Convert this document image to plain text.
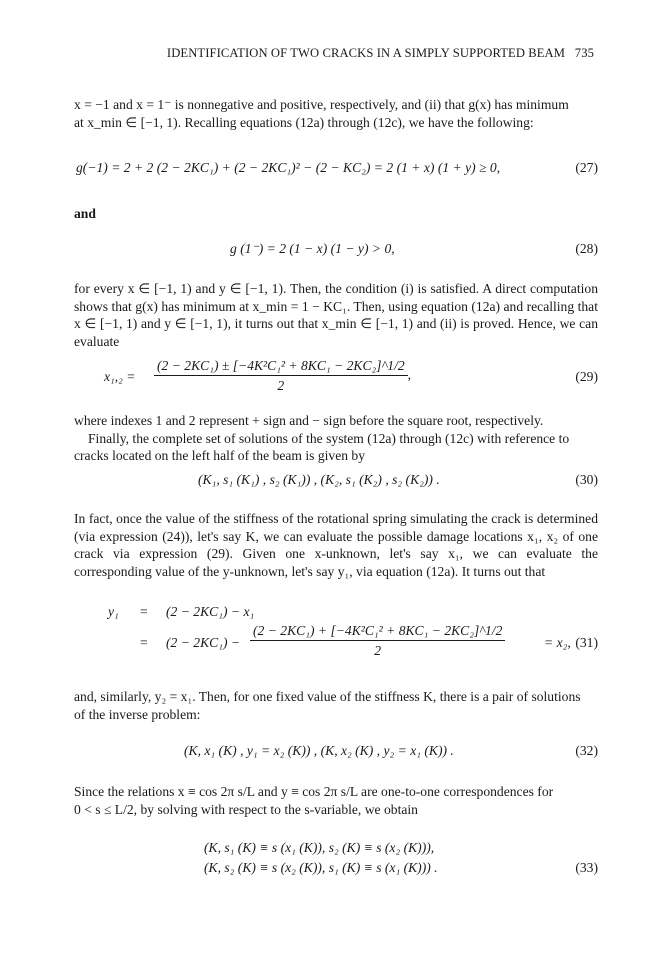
IDENTIFICATION OF TWO CRACKS IN A SIMPLY SUPPORTED BEAM 735
x = −1 and x = 1⁻ is nonnegative and positive, respectively, and (ii) that g(x) has minimum
at x_min ∈ [−1, 1). Recalling equations (12a) through (12c), we have the following:
g(−1) = 2 + 2 (2 − 2KC₁) + (2 − 2KC₁)² − (2 − KC₂) = 2 (1 + x) (1 + y) ≥ 0,	(27)
and
g (1⁻) = 2 (1 − x) (1 − y) > 0,	(28)
for every x ∈ [−1, 1) and y ∈ [−1, 1). Then, the condition (i) is satisfied. A direct computation shows that g(x) has minimum at x_min = 1 − KC₁. Then, using equation (12a) and recalling that x ∈ [−1, 1) and y ∈ [−1, 1), it turns out that x_min ∈ [−1, 1) and (ii) is proved. Hence, we can evaluate
$x_1,_2 = \frac{\text{(2 − 2KC₁) ± [−4K²C₁² + 8KC₁ − 2KC₂]\textasciicircum{}1/2}}{2}$ ,	(29)
where indexes 1 and 2 represent + sign and − sign before the square root, respectively.
Finally, the complete set of solutions of the system (12a) through (12c) with reference to
cracks located on the left half of the beam is given by
(K₁, s₁ (K₁) , s₂ (K₁)) , (K₂, s₁ (K₂) , s₂ (K₂)) .	(30)
In fact, once the value of the stiffness of the rotational spring simulating the crack is determined (via expression (24)), let's say K, we can evaluate the possible damage locations x₁, x₂ of one crack via expression (29). Given one x-unknown, let's say x₁, we can evaluate the corresponding value of the y-unknown, let's say y₁, via equation (12a). It turns out that
y₁ = (2 − 2KC₁) − x₁
= $(2 - 2KC_1) - \frac{\text{(2 − 2KC₁) + [−4K²C₁² + 8KC₁ − 2KC₂]\textasciicircum{}1/2}}{2}$	= x₂, (31)
and, similarly, y₂ = x₁. Then, for one fixed value of the stiffness K, there is a pair of solutions
of the inverse problem:
(K, x₁ (K) , y₁ = x₂ (K)) , (K, x₂ (K) , y₂ = x₁ (K)) .	(32)
Since the relations x ≡ cos 2π s/L and y ≡ cos 2π s/L are one-to-one correspondences for
0 < s ≤ L/2, by solving with respect to the s-variable, we obtain
(K, s₁ (K) ≡ s (x₁ (K)), s₂ (K) ≡ s (x₂ (K))),
(K, s₂ (K) ≡ s (x₂ (K)), s₁ (K) ≡ s (x₁ (K))) .	(33)
